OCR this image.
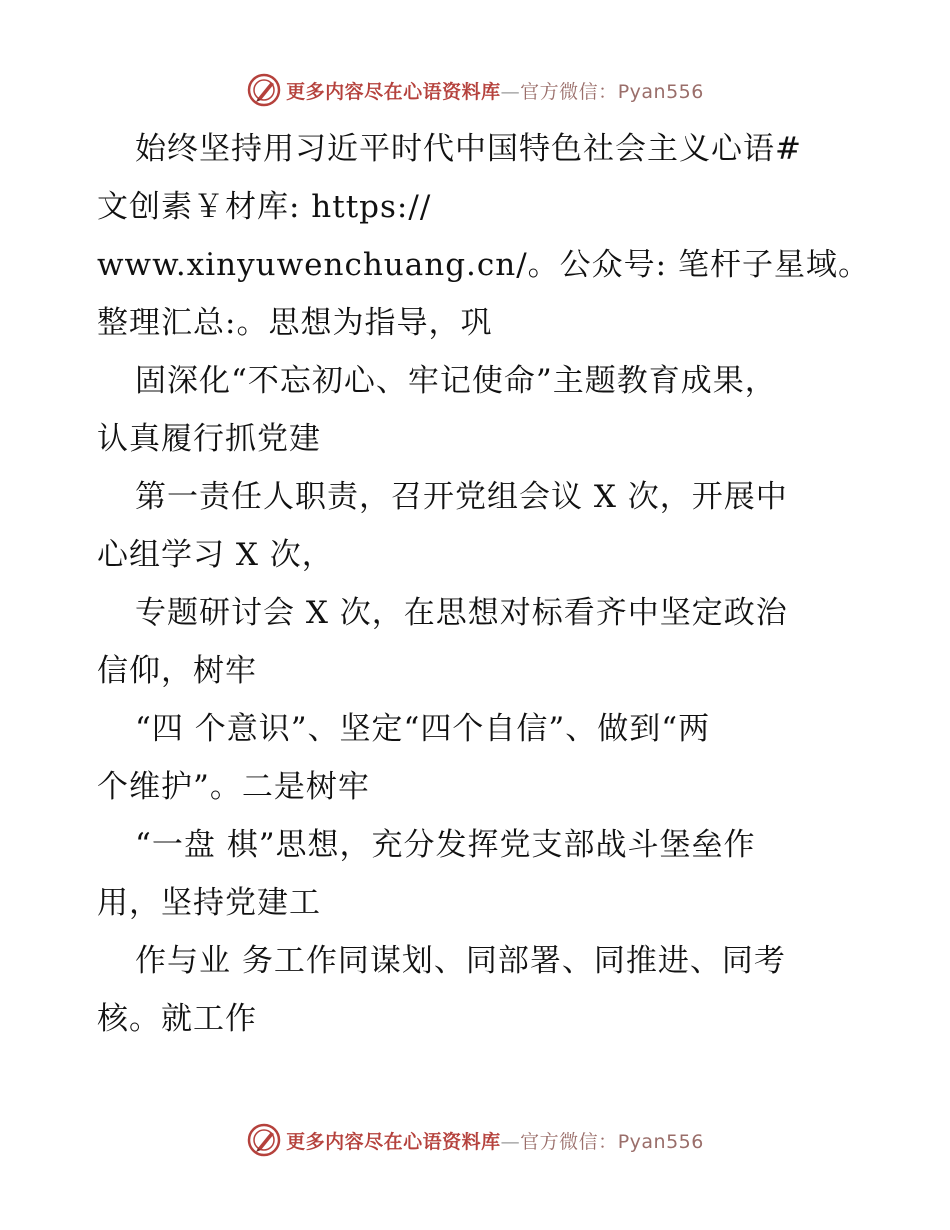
更多内容尽在心语资料库—官方微信：Pyan556
始终坚持用习近平时代中国特色社会主义心语#
文创素￥材库: https://
www.xinyuwenchuang.cn/。公众号: 笔杆子星域。
整理汇总:。思想为指导，巩
固深化“不忘初心、牢记使命”主题教育成果，
认真履行抓党建
第一责任人职责，召开党组会议 X 次，开展中
心组学习 X 次，
专题研讨会 X 次，在思想对标看齐中坚定政治
信仰，树牢
“四 个意识”、坚定“四个自信”、做到“两
个维护”。二是树牢
“一盘 棋”思想，充分发挥党支部战斗堡垒作
用，坚持党建工
作与业 务工作同谋划、同部署、同推进、同考
核。就工作
更多内容尽在心语资料库—官方微信：Pyan556
